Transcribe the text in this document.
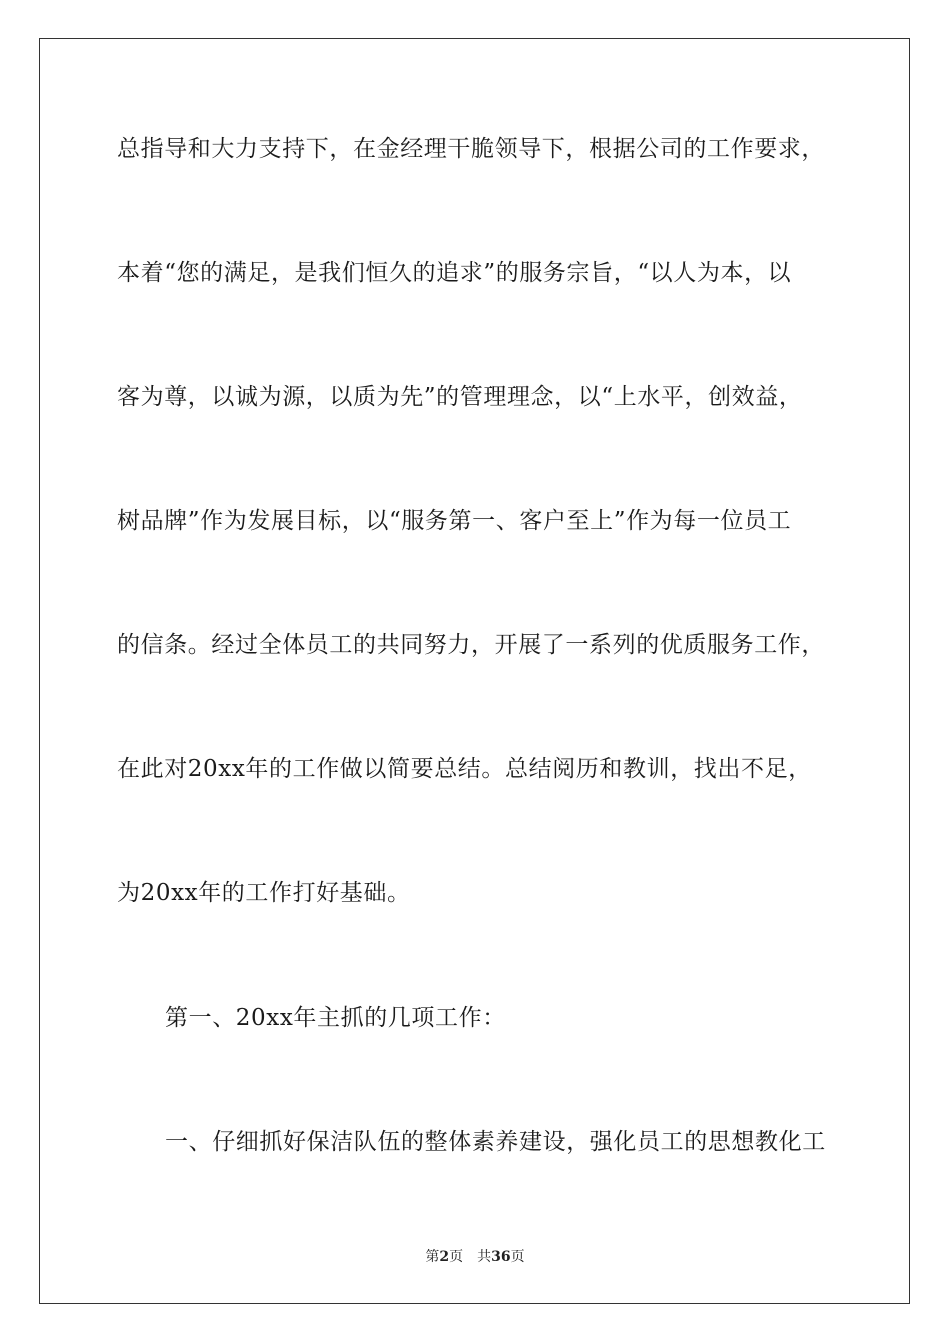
总指导和大力支持下，在金经理干脆领导下，根据公司的工作要求，
本着“您的满足，是我们恒久的追求”的服务宗旨，“以人为本，以
客为尊，以诚为源，以质为先”的管理理念，以“上水平，创效益，
树品牌”作为发展目标，以“服务第一、客户至上”作为每一位员工
的信条。经过全体员工的共同努力，开展了一系列的优质服务工作，
在此对20xx年的工作做以简要总结。总结阅历和教训，找出不足，
为20xx年的工作打好基础。
第一、20xx年主抓的几项工作：
一、仔细抓好保洁队伍的整体素养建设，强化员工的思想教化工
第2页 共36页
